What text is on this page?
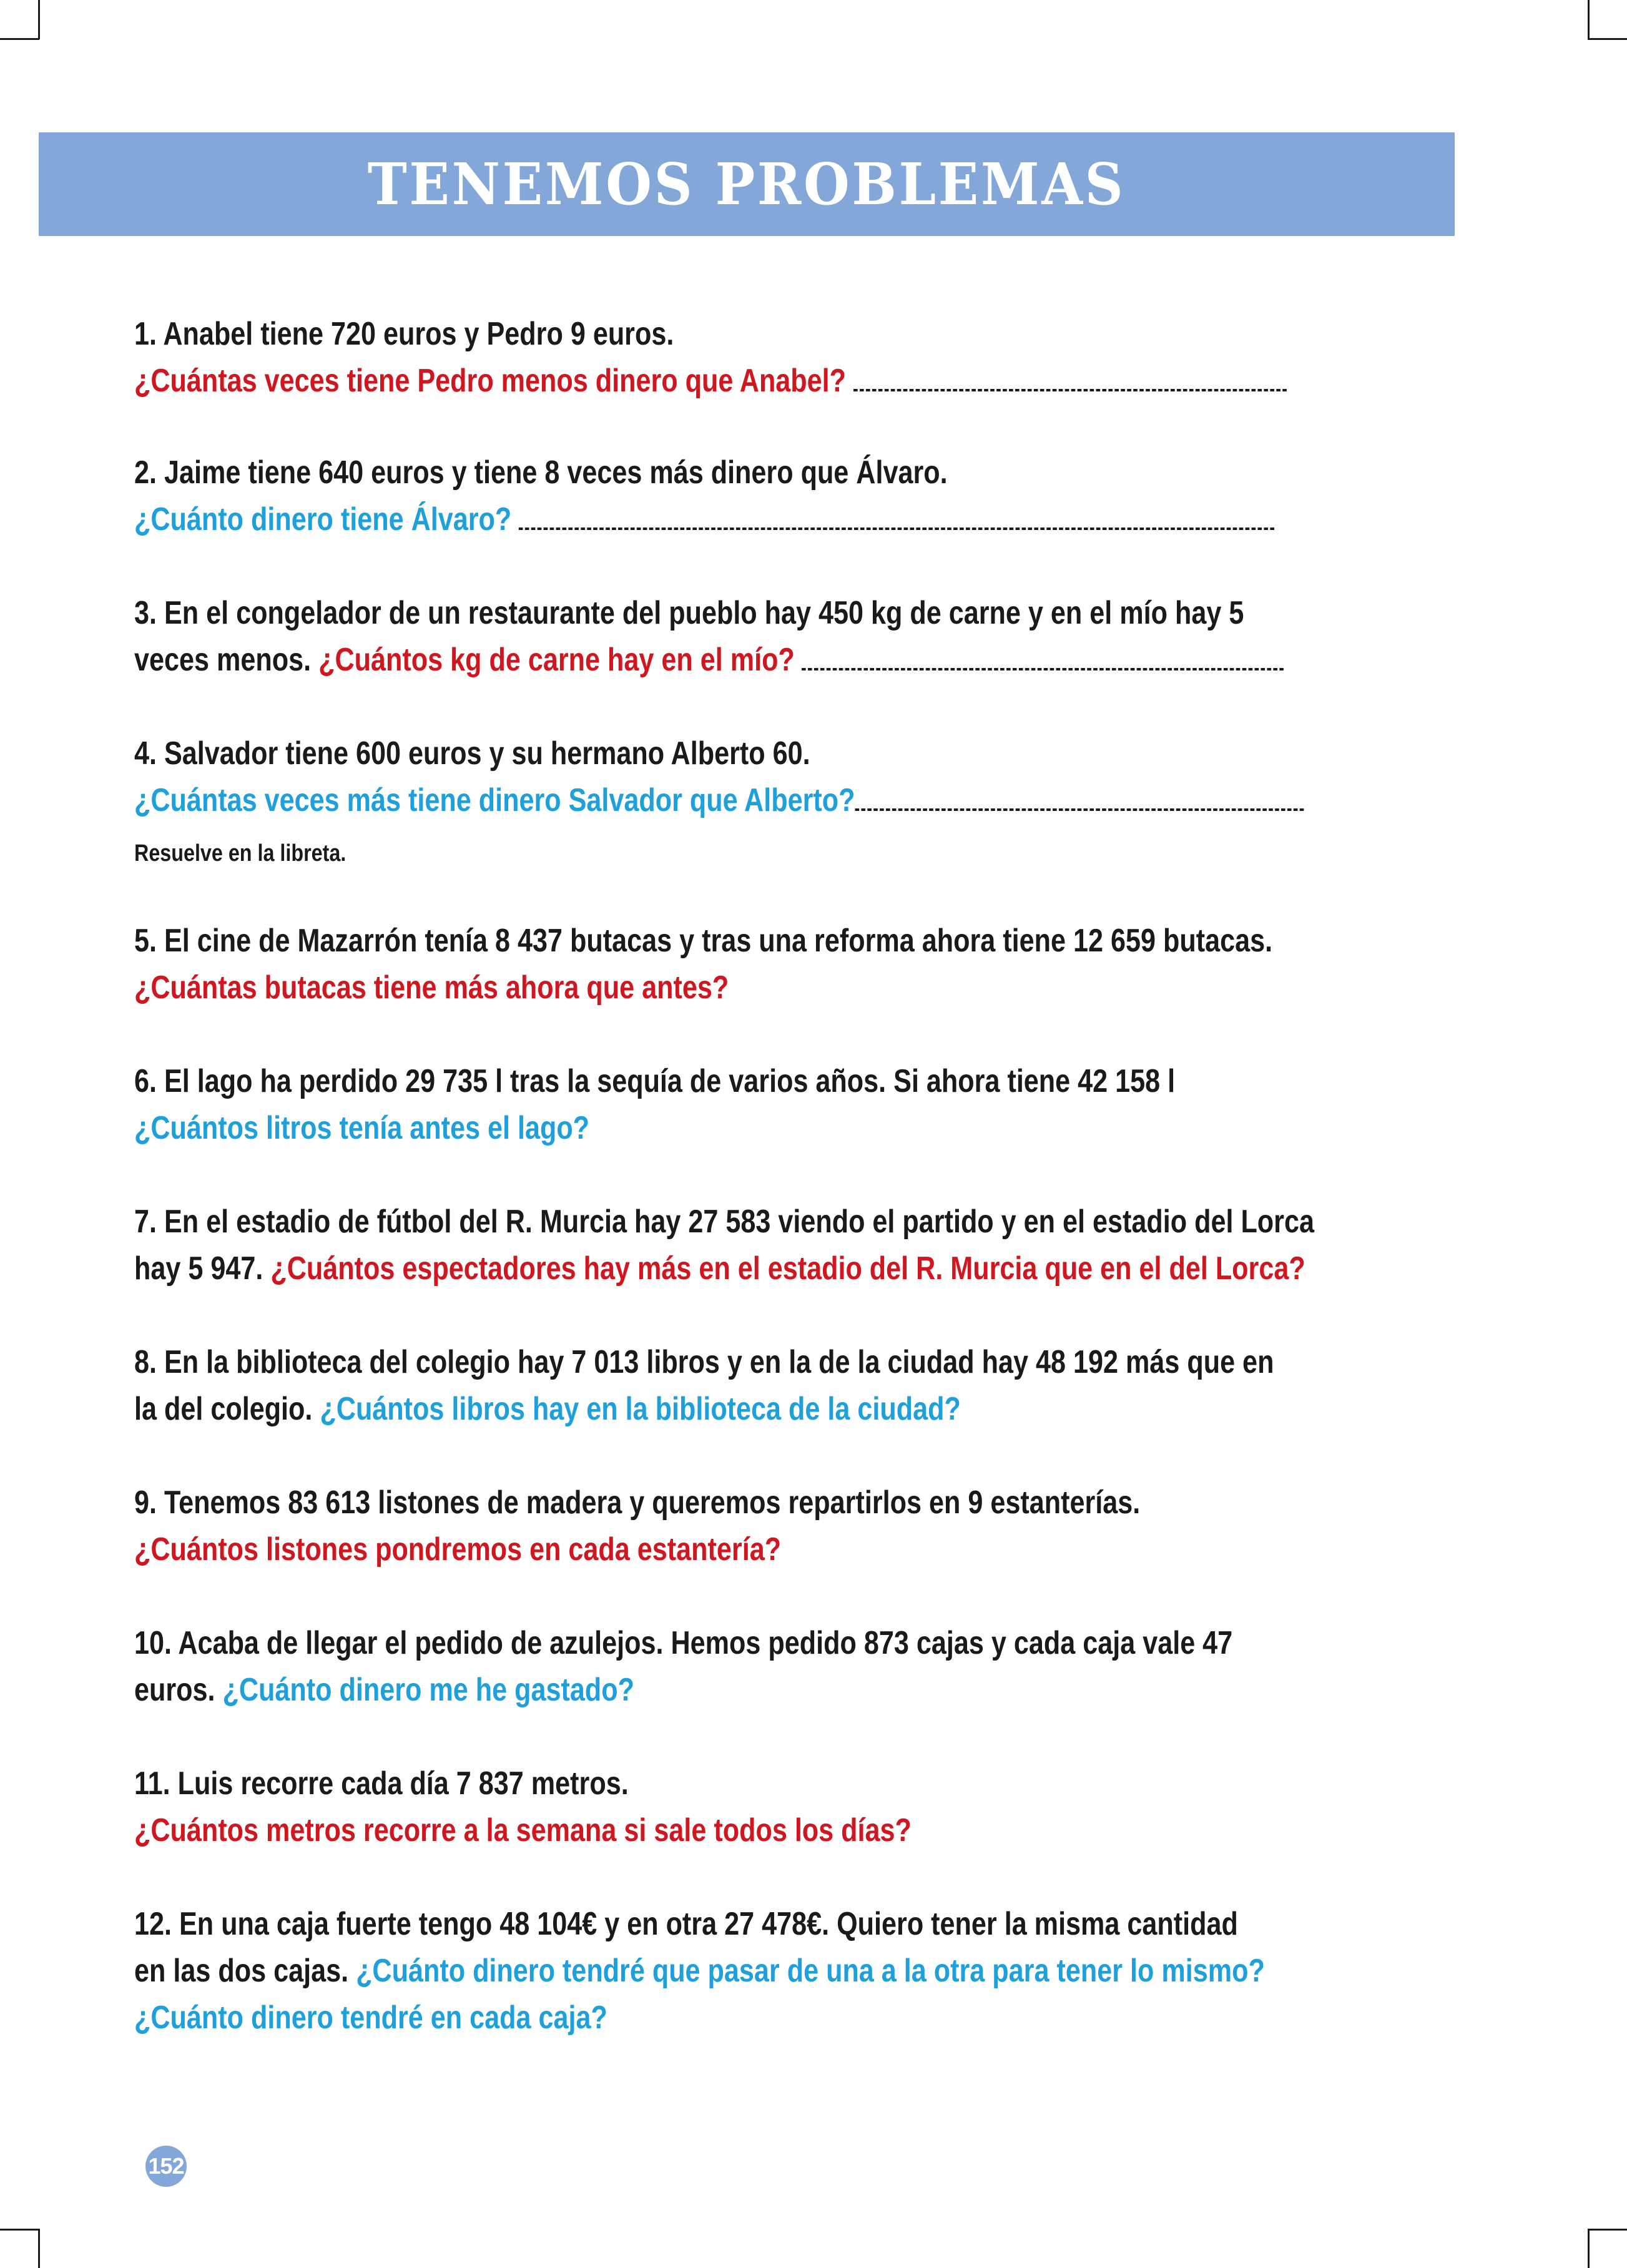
TENEMOS PROBLEMAS
1. Anabel tiene 720 euros y Pedro 9 euros.
¿Cuántas veces tiene Pedro menos dinero que Anabel?
2. Jaime tiene 640 euros y tiene 8 veces más dinero que Álvaro.
¿Cuánto dinero tiene Álvaro?
3. En el congelador de un restaurante del pueblo hay 450 kg de carne y en el mío hay 5
veces menos. ¿Cuántos kg de carne hay en el mío?
4. Salvador tiene 600 euros y su hermano Alberto 60.
¿Cuántas veces más tiene dinero Salvador que Alberto?
Resuelve en la libreta.
5. El cine de Mazarrón tenía 8 437 butacas y tras una reforma ahora tiene 12 659 butacas.
¿Cuántas butacas tiene más ahora que antes?
6. El lago ha perdido 29 735 l tras la sequía de varios años. Si ahora tiene 42 158 l
¿Cuántos litros tenía antes el lago?
7. En el estadio de fútbol del R. Murcia hay 27 583 viendo el partido y en el estadio del Lorca
hay 5 947. ¿Cuántos espectadores hay más en el estadio del R. Murcia que en el del Lorca?
8. En la biblioteca del colegio hay 7 013 libros y en la de la ciudad hay 48 192 más que en
la del colegio. ¿Cuántos libros hay en la biblioteca de la ciudad?
9. Tenemos 83 613 listones de madera y queremos repartirlos en 9 estanterías.
¿Cuántos listones pondremos en cada estantería?
10. Acaba de llegar el pedido de azulejos. Hemos pedido 873 cajas y cada caja vale 47
euros. ¿Cuánto dinero me he gastado?
11. Luis recorre cada día 7 837 metros.
¿Cuántos metros recorre a la semana si sale todos los días?
12. En una caja fuerte tengo 48 104€ y en otra 27 478€. Quiero tener la misma cantidad
en las dos cajas. ¿Cuánto dinero tendré que pasar de una a la otra para tener lo mismo?
¿Cuánto dinero tendré en cada caja?
152
